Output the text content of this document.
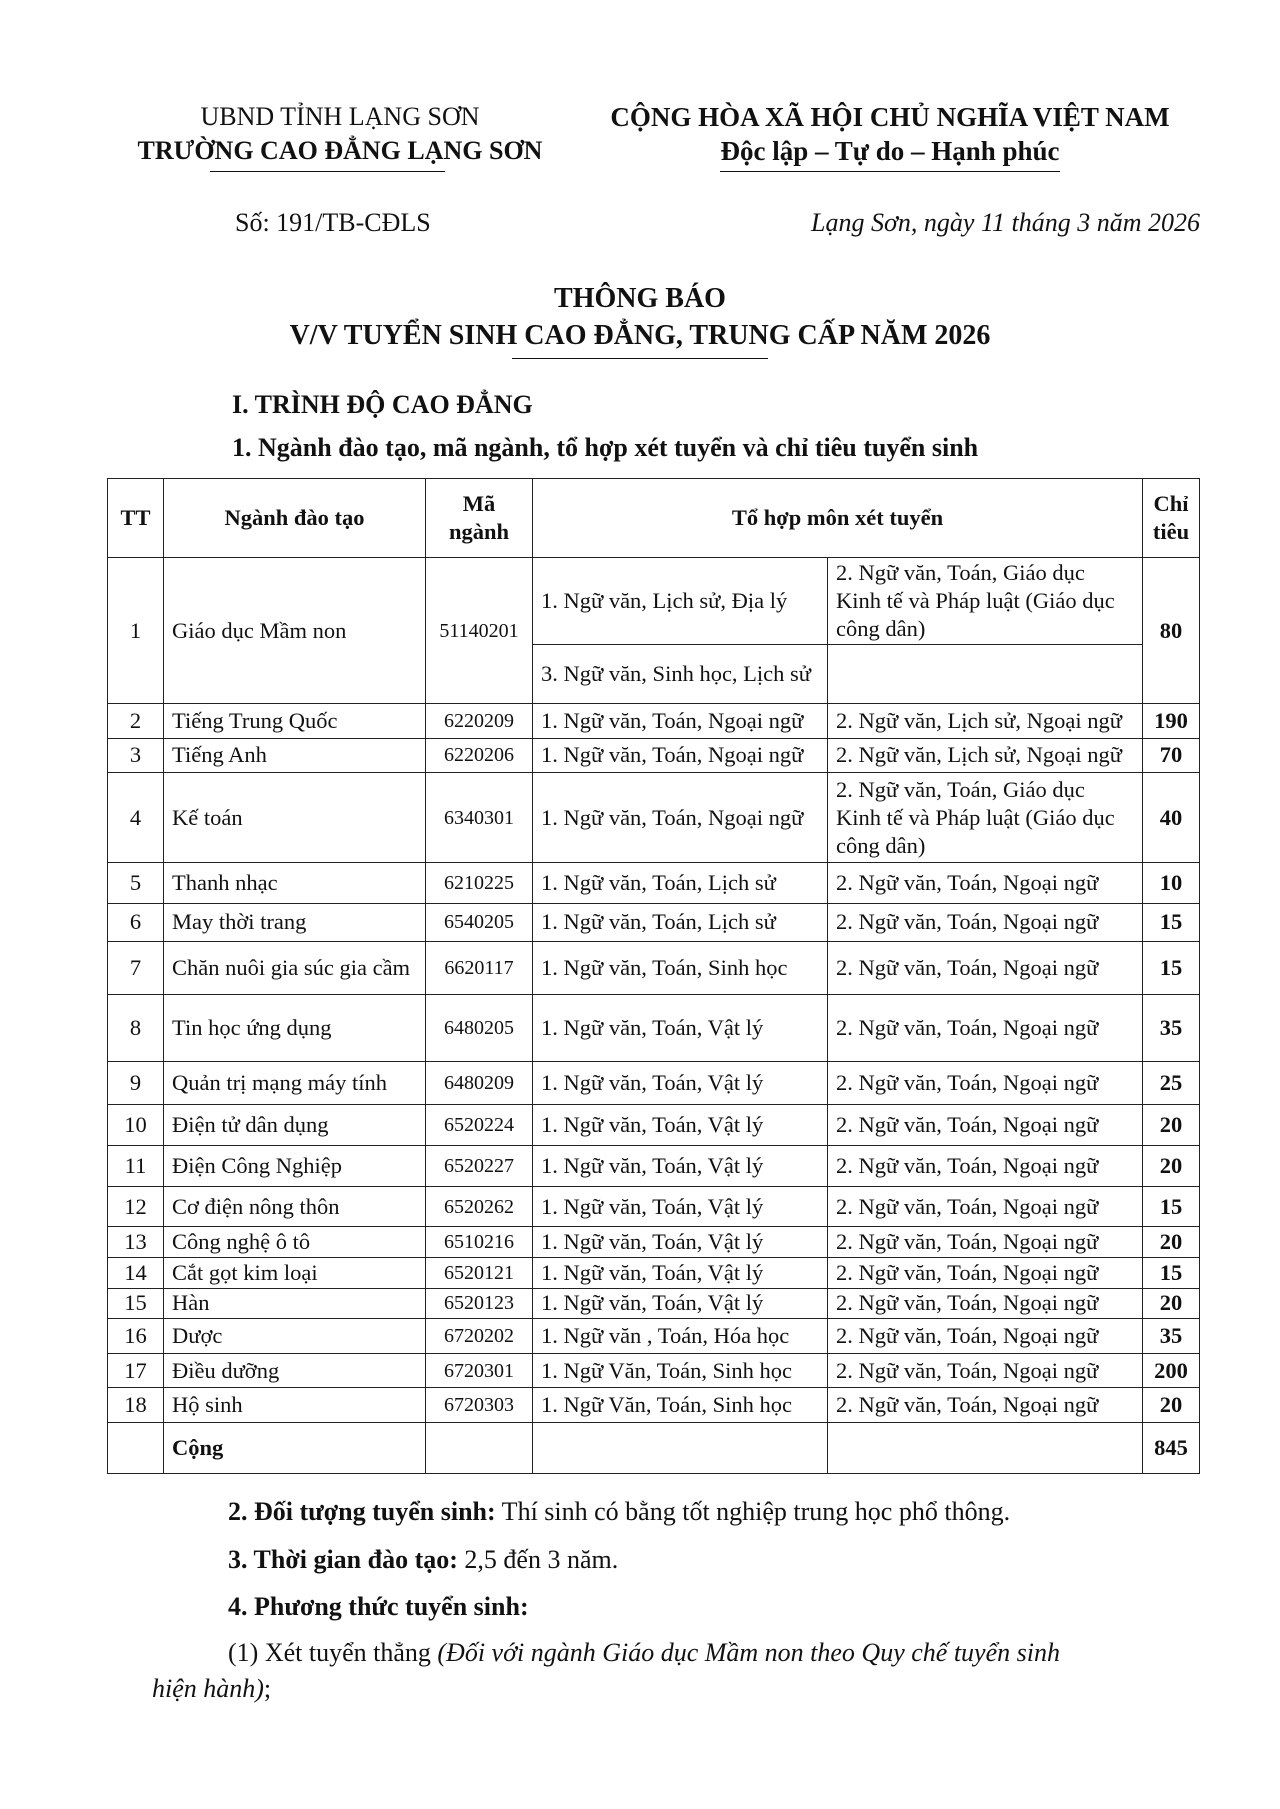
UBND TỈNH LẠNG SƠN
TRƯỜNG CAO ĐẲNG LẠNG SƠN
CỘNG HÒA XÃ HỘI CHỦ NGHĨA VIỆT NAM
Độc lập – Tự do – Hạnh phúc
Số: 191/TB-CĐLS	Lạng Sơn, ngày 11 tháng 3 năm 2026
THÔNG BÁO
V/V TUYỂN SINH CAO ĐẲNG, TRUNG CẤP NĂM 2026
I. TRÌNH ĐỘ CAO ĐẲNG
1. Ngành đào tạo, mã ngành, tổ hợp xét tuyển và chỉ tiêu tuyển sinh
TT	Ngành đào tạo	Mã ngành	Tổ hợp môn xét tuyển		Chỉ tiêu
1	Giáo dục Mầm non	51140201	1. Ngữ văn, Lịch sử, Địa lý	2. Ngữ văn, Toán, Giáo dục Kinh tế và Pháp luật (Giáo dục công dân)	80
			3. Ngữ văn, Sinh học, Lịch sử		
2	Tiếng Trung Quốc	6220209	1. Ngữ văn, Toán, Ngoại ngữ	2. Ngữ văn, Lịch sử, Ngoại ngữ	190
3	Tiếng Anh	6220206	1. Ngữ văn, Toán, Ngoại ngữ	2. Ngữ văn, Lịch sử, Ngoại ngữ	70
4	Kế toán	6340301	1. Ngữ văn, Toán, Ngoại ngữ	2. Ngữ văn, Toán, Giáo dục Kinh tế và Pháp luật (Giáo dục công dân)	40
5	Thanh nhạc	6210225	1. Ngữ văn, Toán, Lịch sử	2. Ngữ văn, Toán, Ngoại ngữ	10
6	May thời trang	6540205	1. Ngữ văn, Toán, Lịch sử	2. Ngữ văn, Toán, Ngoại ngữ	15
7	Chăn nuôi gia súc gia cầm	6620117	1. Ngữ văn, Toán, Sinh học	2. Ngữ văn, Toán, Ngoại ngữ	15
8	Tin học ứng dụng	6480205	1. Ngữ văn, Toán, Vật lý	2. Ngữ văn, Toán, Ngoại ngữ	35
9	Quản trị mạng máy tính	6480209	1. Ngữ văn, Toán, Vật lý	2. Ngữ văn, Toán, Ngoại ngữ	25
10	Điện tử dân dụng	6520224	1. Ngữ văn, Toán, Vật lý	2. Ngữ văn, Toán, Ngoại ngữ	20
11	Điện Công Nghiệp	6520227	1. Ngữ văn, Toán, Vật lý	2. Ngữ văn, Toán, Ngoại ngữ	20
12	Cơ điện nông thôn	6520262	1. Ngữ văn, Toán, Vật lý	2. Ngữ văn, Toán, Ngoại ngữ	15
13	Công nghệ ô tô	6510216	1. Ngữ văn, Toán, Vật lý	2. Ngữ văn, Toán, Ngoại ngữ	20
14	Cắt gọt kim loại	6520121	1. Ngữ văn, Toán, Vật lý	2. Ngữ văn, Toán, Ngoại ngữ	15
15	Hàn	6520123	1. Ngữ văn, Toán, Vật lý	2. Ngữ văn, Toán, Ngoại ngữ	20
16	Dược	6720202	1. Ngữ văn , Toán, Hóa học	2. Ngữ văn, Toán, Ngoại ngữ	35
17	Điều dưỡng	6720301	1. Ngữ Văn, Toán, Sinh học	2. Ngữ văn, Toán, Ngoại ngữ	200
18	Hộ sinh	6720303	1. Ngữ Văn, Toán, Sinh học	2. Ngữ văn, Toán, Ngoại ngữ	20
	Cộng				845
2. Đối tượng tuyển sinh: Thí sinh có bằng tốt nghiệp trung học phổ thông.
3. Thời gian đào tạo: 2,5 đến 3 năm.
4. Phương thức tuyển sinh:
(1) Xét tuyển thẳng (Đối với ngành Giáo dục Mầm non theo Quy chế tuyển sinh
hiện hành);
